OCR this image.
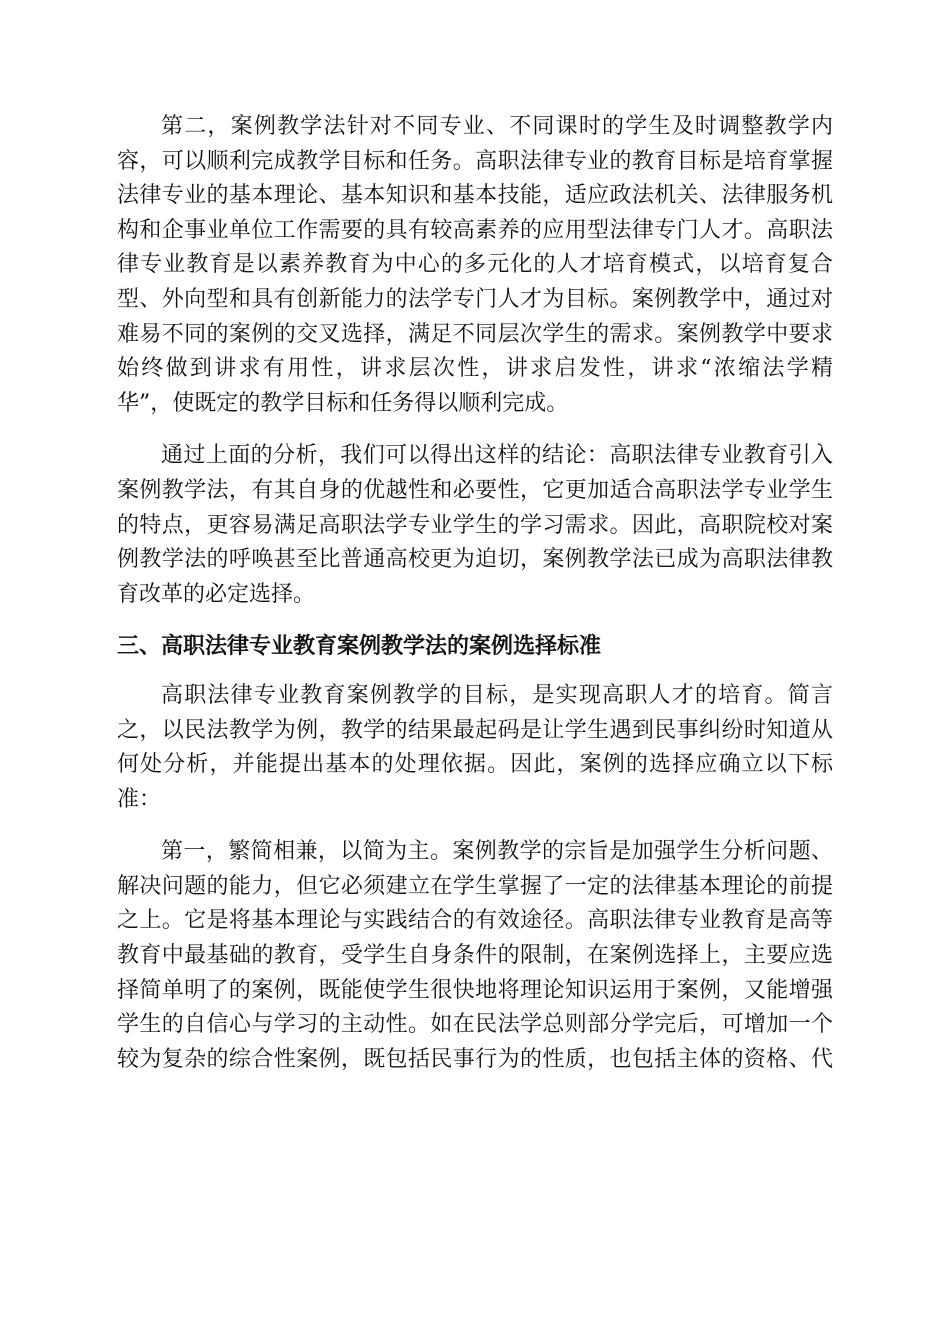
第二，案例教学法针对不同专业、不同课时的学生及时调整教学内
容，可以顺利完成教学目标和任务。高职法律专业的教育目标是培育掌握
法律专业的基本理论、基本知识和基本技能，适应政法机关、法律服务机
构和企事业单位工作需要的具有较高素养的应用型法律专门人才。高职法
律专业教育是以素养教育为中心的多元化的人才培育模式，以培育复合
型、外向型和具有创新能力的法学专门人才为目标。案例教学中，通过对
难易不同的案例的交叉选择，满足不同层次学生的需求。案例教学中要求
始终做到讲求有用性，讲求层次性，讲求启发性，讲求“浓缩法学精
华”，使既定的教学目标和任务得以顺利完成。
通过上面的分析，我们可以得出这样的结论：高职法律专业教育引入
案例教学法，有其自身的优越性和必要性，它更加适合高职法学专业学生
的特点，更容易满足高职法学专业学生的学习需求。因此，高职院校对案
例教学法的呼唤甚至比普通高校更为迫切，案例教学法已成为高职法律教
育改革的必定选择。
三、高职法律专业教育案例教学法的案例选择标准
高职法律专业教育案例教学的目标，是实现高职人才的培育。简言
之，以民法教学为例，教学的结果最起码是让学生遇到民事纠纷时知道从
何处分析，并能提出基本的处理依据。因此，案例的选择应确立以下标
准：
第一，繁简相兼，以简为主。案例教学的宗旨是加强学生分析问题、
解决问题的能力，但它必须建立在学生掌握了一定的法律基本理论的前提
之上。它是将基本理论与实践结合的有效途径。高职法律专业教育是高等
教育中最基础的教育，受学生自身条件的限制，在案例选择上，主要应选
择简单明了的案例，既能使学生很快地将理论知识运用于案例，又能增强
学生的自信心与学习的主动性。如在民法学总则部分学完后，可增加一个
较为复杂的综合性案例，既包括民事行为的性质，也包括主体的资格、代
